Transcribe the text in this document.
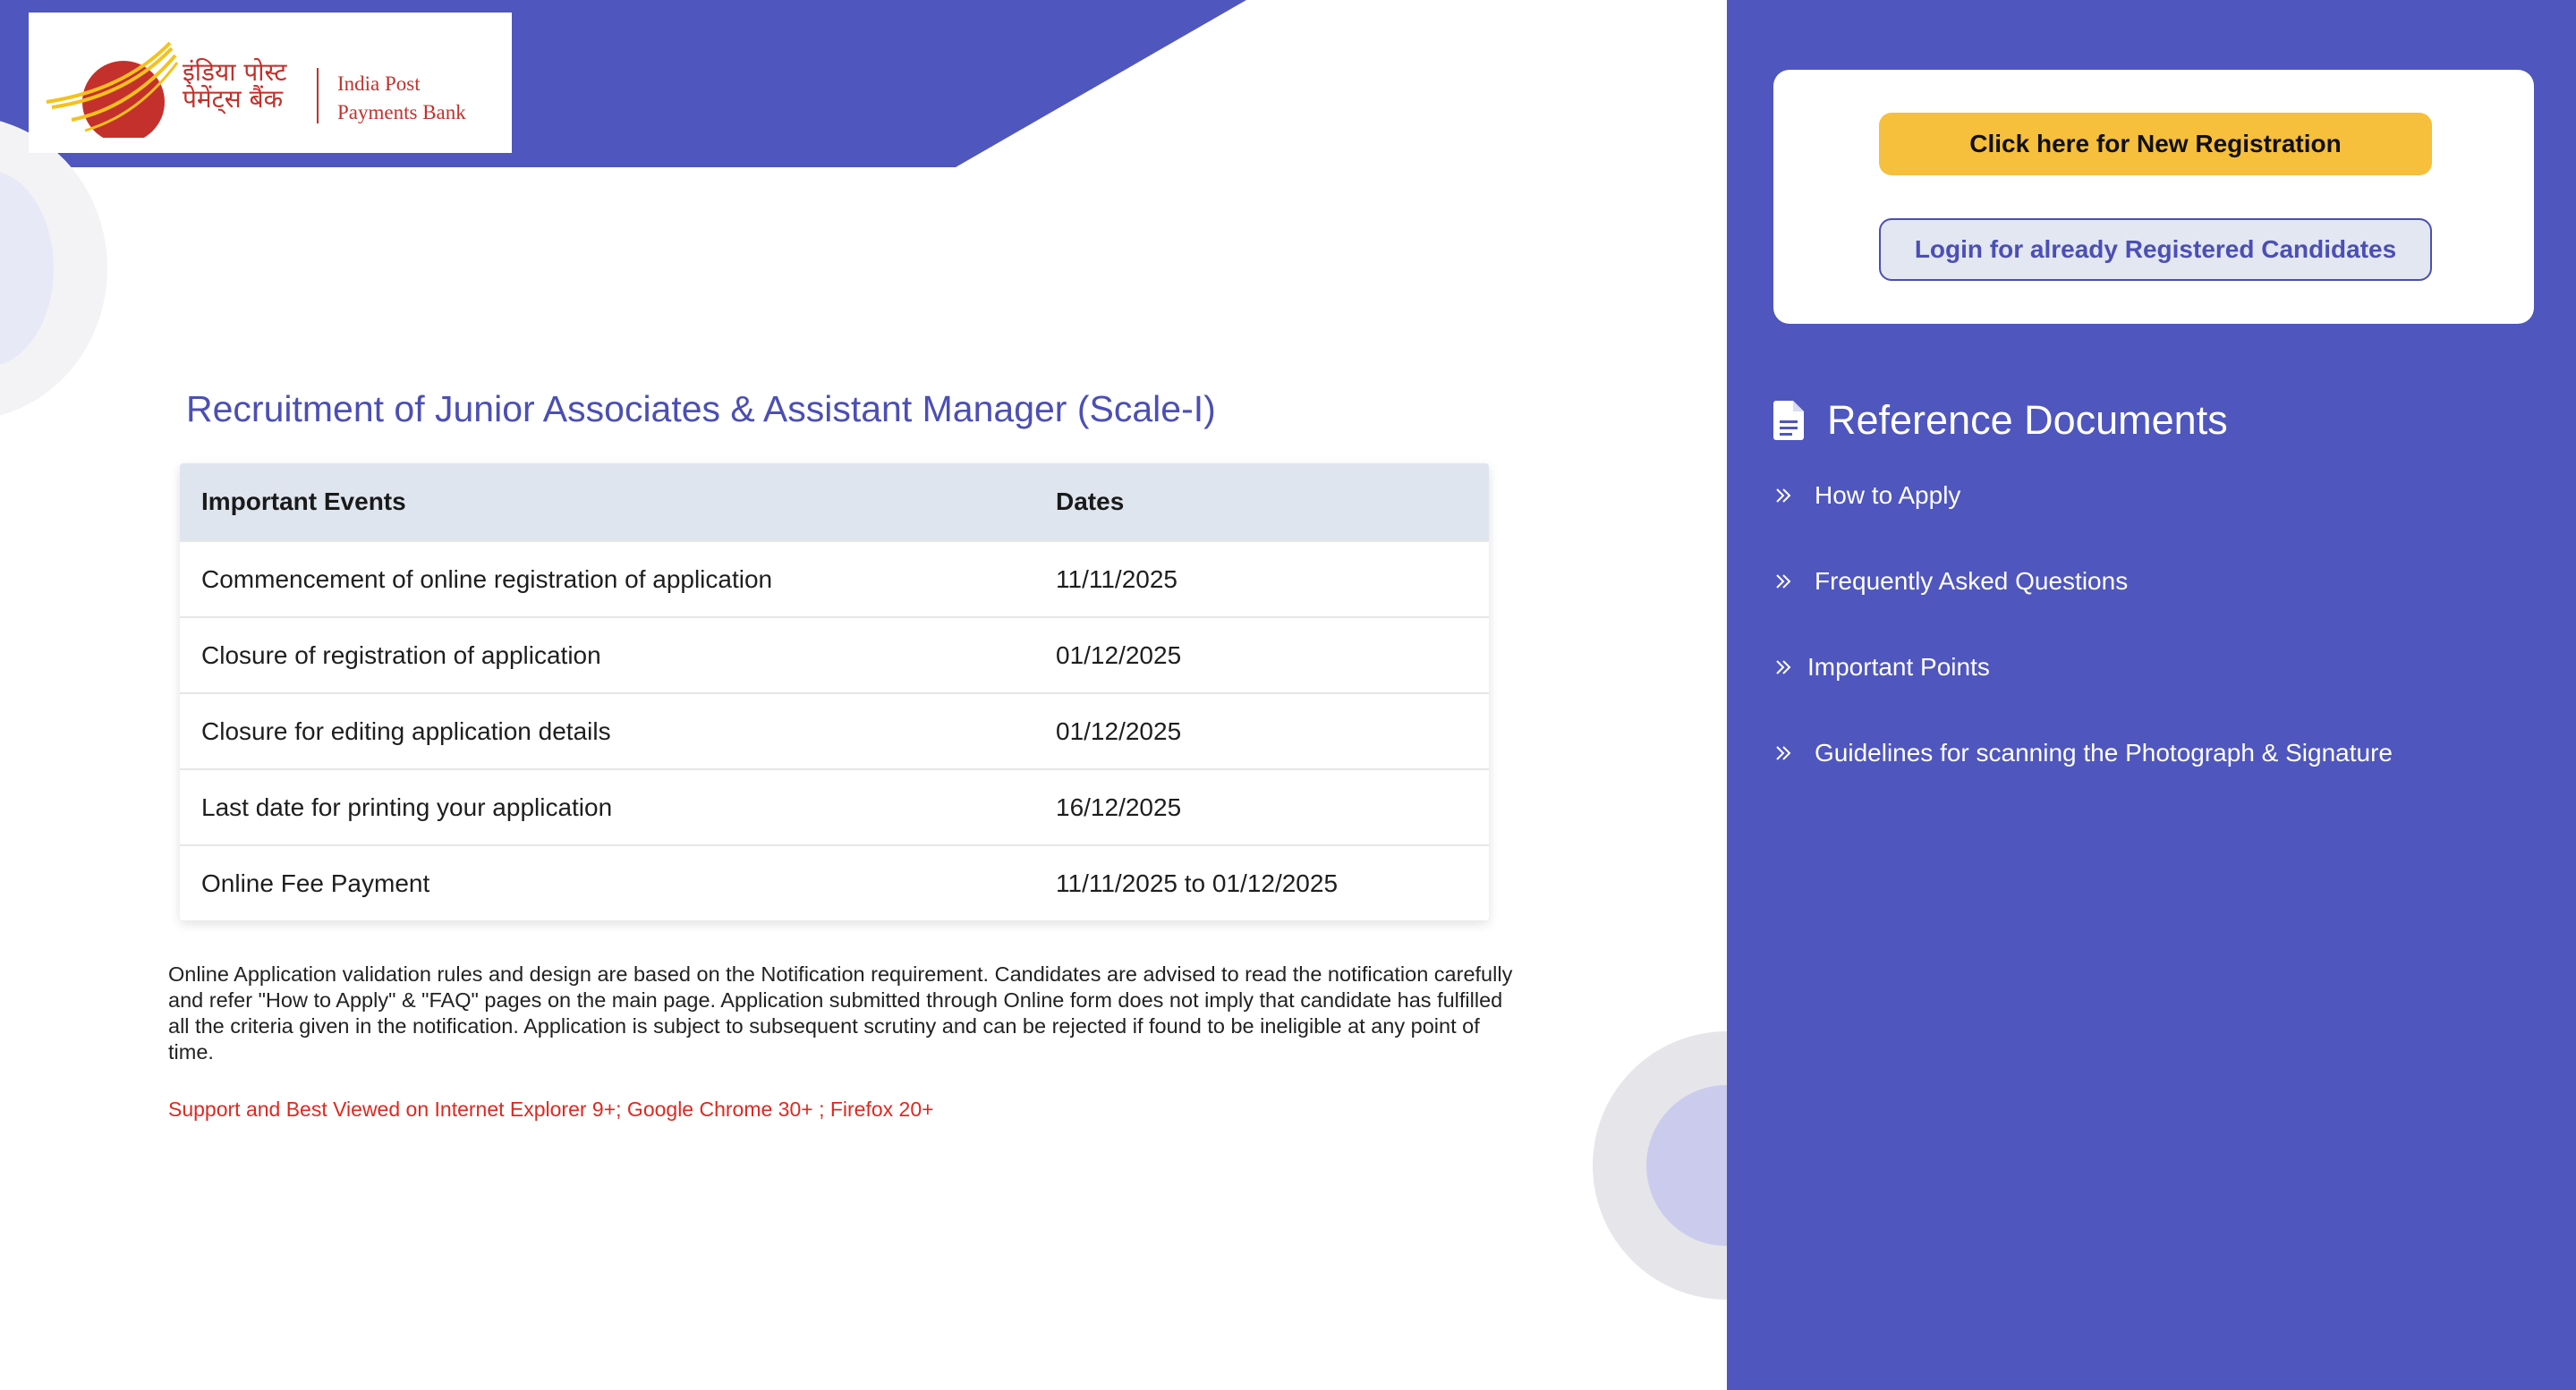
इंडिया पोस्ट
पेमेंट्स बैंक
India Post
Payments Bank
Recruitment of Junior Associates & Assistant Manager (Scale-I)
Important Events	Dates
Commencement of online registration of application	11/11/2025
Closure of registration of application	01/12/2025
Closure for editing application details	01/12/2025
Last date for printing your application	16/12/2025
Online Fee Payment	11/11/2025 to 01/12/2025
Online Application validation rules and design are based on the Notification requirement. Candidates are advised to read the notification carefully and refer "How to Apply" & "FAQ" pages on the main page. Application submitted through Online form does not imply that candidate has fulfilled all the criteria given in the notification. Application is subject to subsequent scrutiny and can be rejected if found to be ineligible at any point of time.
Support and Best Viewed on Internet Explorer 9+; Google Chrome 30+ ; Firefox 20+
Click here for New Registration
Login for already Registered Candidates
Reference Documents
How to Apply
Frequently Asked Questions
Important Points
Guidelines for scanning the Photograph & Signature
